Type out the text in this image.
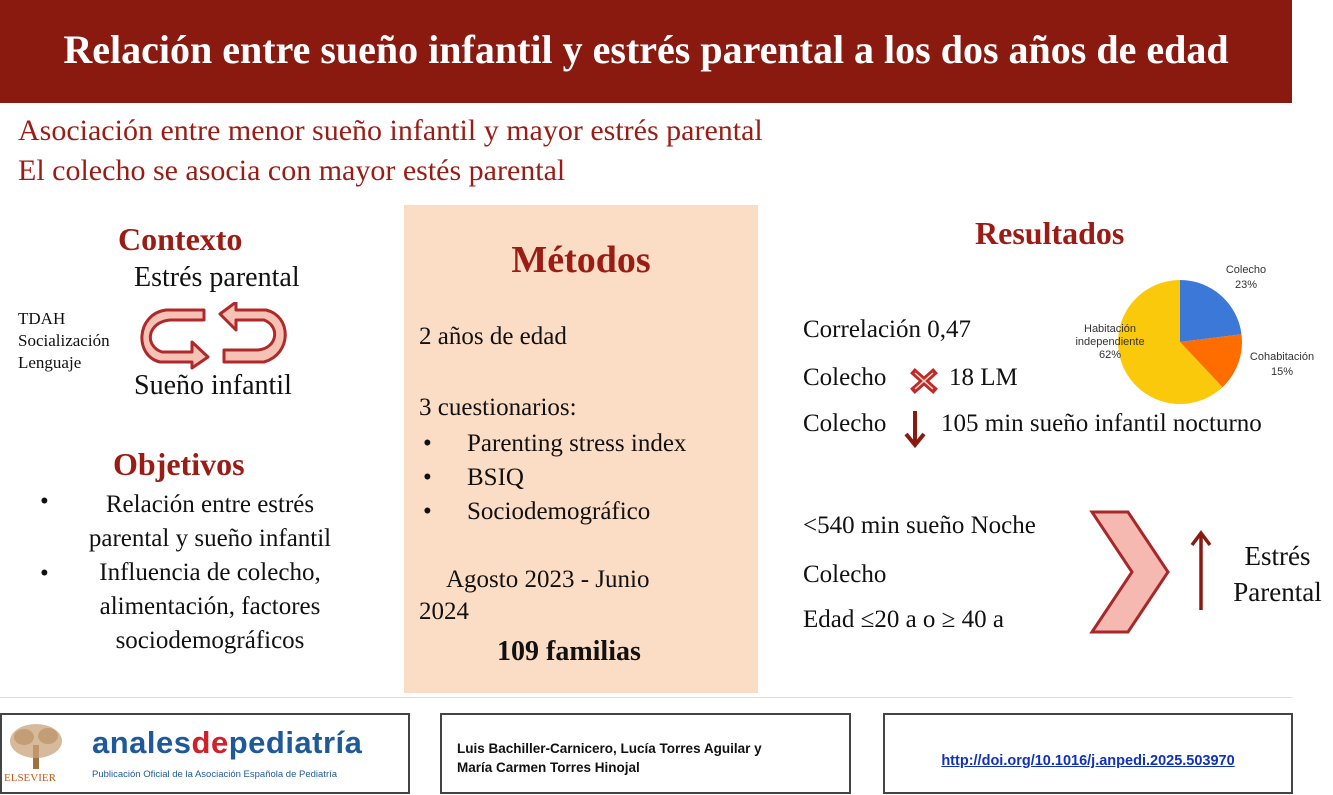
Relación entre sueño infantil y estrés parental a los dos años de edad
Asociación entre menor sueño infantil y mayor estrés parental
El colecho se asocia con mayor estés parental
Contexto
Estrés parental
TDAH
Socialización
Lenguaje
Sueño infantil
Objetivos
•
•
Relación entre estrés
parental y sueño infantil
Influencia de colecho,
alimentación, factores
sociodemográficos
Métodos
2 años de edad
3 cuestionarios:
• Parenting stress index
• BSIQ
• Sociodemográfico
Agosto 2023 - Junio
2024
109 familias
Resultados
Correlación 0,47
Colecho	18 LM
Colecho 105 min sueño infantil nocturno
Colecho
23%
Cohabitación
15%
Habitación
independiente
62%
<540 min sueño Noche
Colecho
Edad ≤20 a o ≥ 40 a
Estrés
Parental
ELSEVIER
analesdepediatría
Publicación Oficial de la Asociación Española de Pediatría
Luis Bachiller-Carnicero, Lucía Torres Aguilar y
María Carmen Torres Hinojal	http://doi.org/10.1016/j.anpedi.2025.503970
